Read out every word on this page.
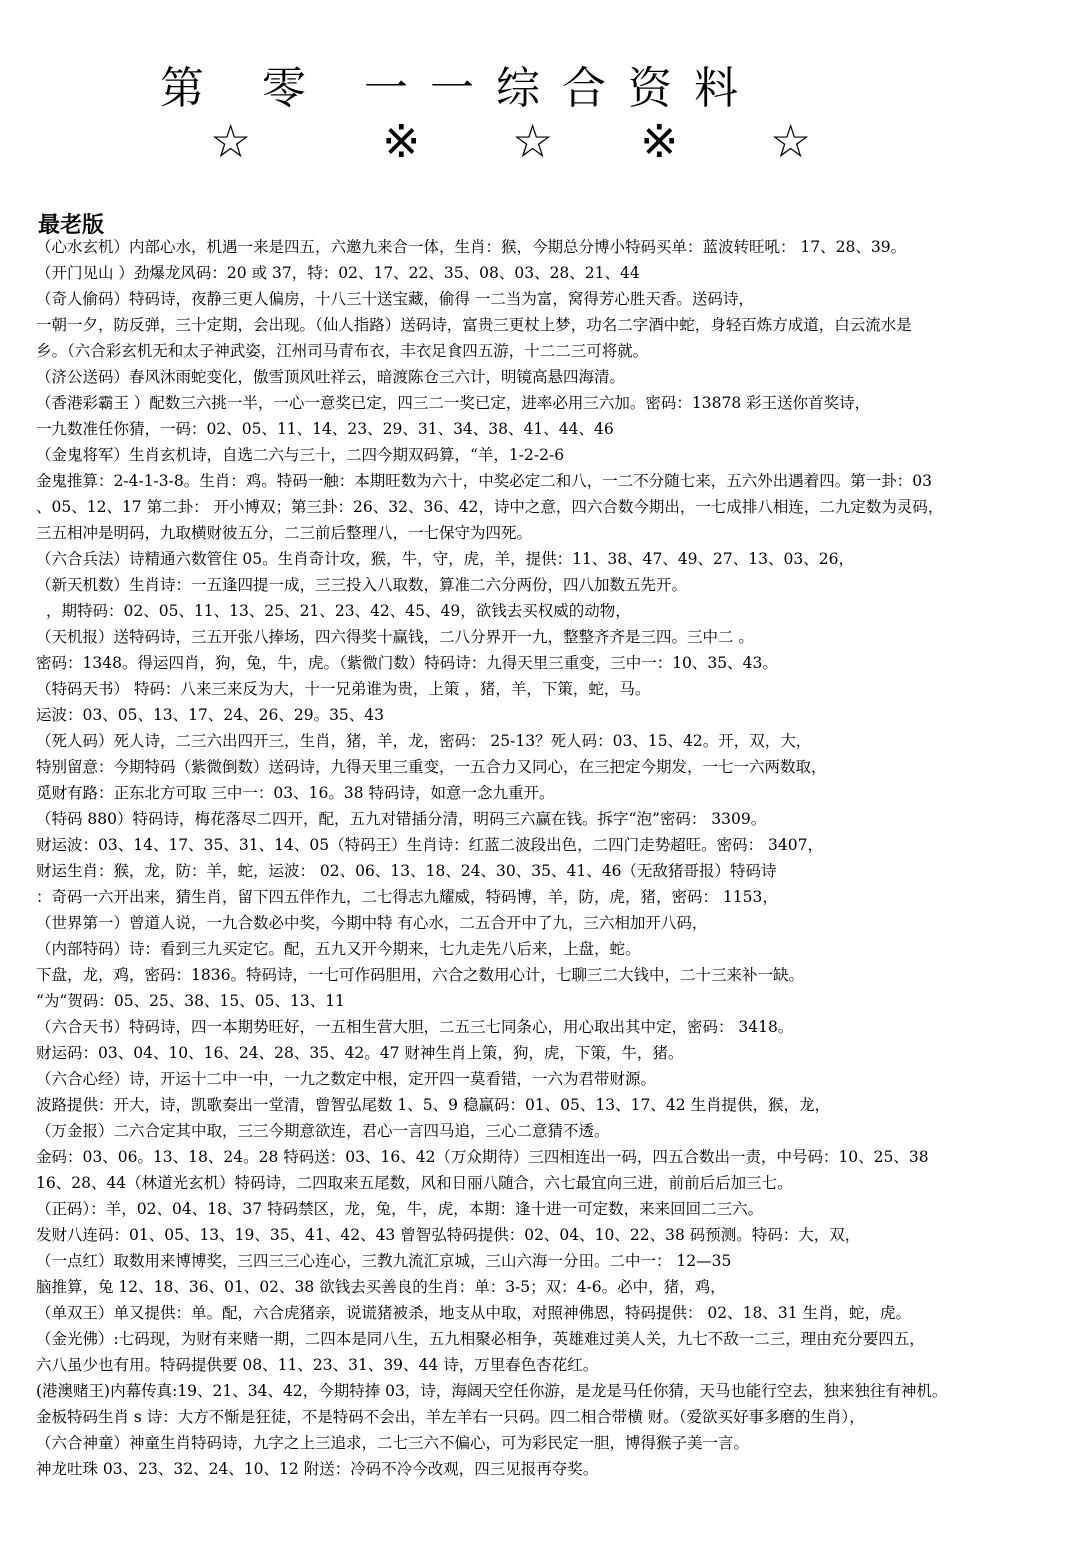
第 零 一一综合资料
☆	※ ☆ ※ ☆
最老版
（心水玄机）内部心水，机遇一来是四五，六邀九来合一体，生肖：猴，今期总分博小特码买单：蓝波转旺吼： 17、28、39。
（开门见山 ）劲爆龙风码：20 或 37，特：02、17、22、35、08、03、28、21、44
（奇人偷码）特码诗，夜静三更人偏房，十八三十送宝藏，偷得 一二当为富，窝得芳心胜天香。送码诗，
一朝一夕，防反弹，三十定期，会出现。（仙人指路）送码诗，富贵三更杖上梦，功名二字酒中蛇，身轻百炼方成道，白云流水是
乡。（六合彩玄机无和太子神武姿，江州司马青布衣，丰衣足食四五游，十二二三可将就。
（济公送码）春风沐雨蛇变化，傲雪顶风吐祥云，暗渡陈仓三六计，明镜高悬四海清。
（香港彩霸王 ）配数三六挑一半，一心一意奖已定，四三二一奖已定，进率必用三六加。密码：13878 彩王送你首奖诗，
一九数准任你猜，一码：02、05、11、14、23、29、31、34、38、41、44、46
（金鬼将军）生肖玄机诗，自选二六与三十，二四今期双码算，“羊，1-2-2-6
金鬼推算：2-4-1-3-8。生肖：鸡。特码一触：本期旺数为六十，中奖必定二和八，一二不分随七来，五六外出遇着四。第一卦：03
、05、12、17 第二卦： 开小博双；第三卦：26、32、36、42，诗中之意，四六合数今期出，一七成排八相连，二九定数为灵码，
三五相冲是明码，九取横财彼五分，二三前后整理八，一七保守为四死。
（六合兵法）诗精通六数管住 05。生肖奇计攻，猴，牛，守，虎，羊，提供：11、38、47、49、27、13、03、26，
（新天机数）生肖诗：一五逢四提一成，三三投入八取数，算准二六分两份，四八加数五先开。
，期特码：02、05、11、13、25、21、23、42、45、49，欲钱去买权威的动物，
（天机报）送特码诗，三五开张八捧场，四六得奖十赢钱，二八分界开一九，整整齐齐是三四。三中二 。
密码：1348。得运四肖，狗，兔，牛，虎。（紫微门数）特码诗：九得天里三重变，三中一：10、35、43。
（特码天书） 特码：八来三来反为大，十一兄弟谁为贵，上策 ，猪，羊，下策，蛇，马。
运波：03、05、13、17、24、26、29。35、43
（死人码）死人诗，二三六出四开三，生肖，猪，羊，龙，密码： 25-13？死人码：03、15、42。开，双，大，
特别留意：今期特码（紫微倒数）送码诗，九得天里三重变，一五合力又同心，在三把定今期发，一七一六两数取，
觅财有路：正东北方可取 三中一：03、16。38 特码诗，如意一念九重开。
（特码 880）特码诗，梅花落尽二四开，配，五九对错插分清，明码三六赢在钱。拆字“泡”密码： 3309。
财运波：03、14、17、35、31、14、05（特码王）生肖诗：红蓝二波段出色，二四门走势超旺。密码： 3407，
财运生肖：猴，龙，防：羊，蛇，运波： 02、06、13、18、24、30、35、41、46（无敌猪哥报）特码诗
：奇码一六开出来，猜生肖，留下四五伴作九，二七得志九耀威，特码博，羊，防，虎，猪，密码： 1153，
（世界第一）曾道人说，一九合数必中奖，今期中特 有心水，二五合开中了九，三六相加开八码，
（内部特码）诗：看到三九买定它。配，五九又开今期来，七九走先八后来，上盘，蛇。
下盘，龙，鸡，密码：1836。特码诗，一七可作码胆用，六合之数用心计，七聊三二大钱中，二十三来补一缺。
“为“贺码：05、25、38、15、05、13、11
（六合天书）特码诗，四一本期势旺好，一五相生营大胆，二五三七同条心，用心取出其中定，密码： 3418。
财运码：03、04、10、16、24、28、35、42。47 财神生肖上策，狗，虎，下策，牛，猪。
（六合心经）诗，开运十二中一中，一九之数定中根，定开四一莫看错，一六为君带财源。
波路提供：开大，诗，凯歌奏出一堂清，曾智弘尾数 1、5、9 稳赢码：01、05、13、17、42 生肖提供，猴，龙，
（万金报）二六合定其中取，三三今期意欲连，君心一言四马追，三心二意猜不透。
金码：03、06。13、18、24。28 特码送：03、16、42（万众期待）三四相连出一码，四五合数出一责，中号码：10、25、38
16、28、44（林道光玄机）特码诗，二四取来五尾数，风和日丽八随合，六七最宜向三进，前前后后加三七。
（正码）：羊，02、04、18、37 特码禁区，龙，兔，牛，虎，本期：逢十进一可定数，来来回回二三六。
发财八连码：01、05、13、19、35、41、42、43 曾智弘特码提供：02、04、10、22、38 码预测。特码：大，双，
（一点红）取数用来博博奖，三四三三心连心，三教九流汇京城，三山六海一分田。二中一： 12—35
脑推算，兔 12、18、36、01、02、38 欲钱去买善良的生肖：单：3-5；双：4-6。必中，猪，鸡，
（单双王）单又提供：单。配，六合虎猪亲，说谎猪被杀，地支从中取，对照神佛恩，特码提供： 02、18、31 生肖，蛇，虎。
（金光佛）:七码现，为财有来赌一期，二四本是同八生，五九相聚必相争，英雄难过美人关，九七不敌一二三，理由充分要四五，
六八虽少也有用。特码提供要 08、11、23、31、39、44 诗，万里春色杏花红。
(港澳赌王)内幕传真:19、21、34、42，今期特捧 03，诗，海阔天空任你游，是龙是马任你猜，天马也能行空去，独来独往有神机。
金板特码生肖 s 诗：大方不惭是狂徒，不是特码不会出，羊左羊右一只码。四二相合带横 财。（爱欲买好事多磨的生肖），
（六合神童）神童生肖特码诗，九字之上三追求，二七三六不偏心，可为彩民定一胆，博得猴子美一言。
神龙吐珠 03、23、32、24、10、12 附送：冷码不冷今改观，四三见报再夺奖。
